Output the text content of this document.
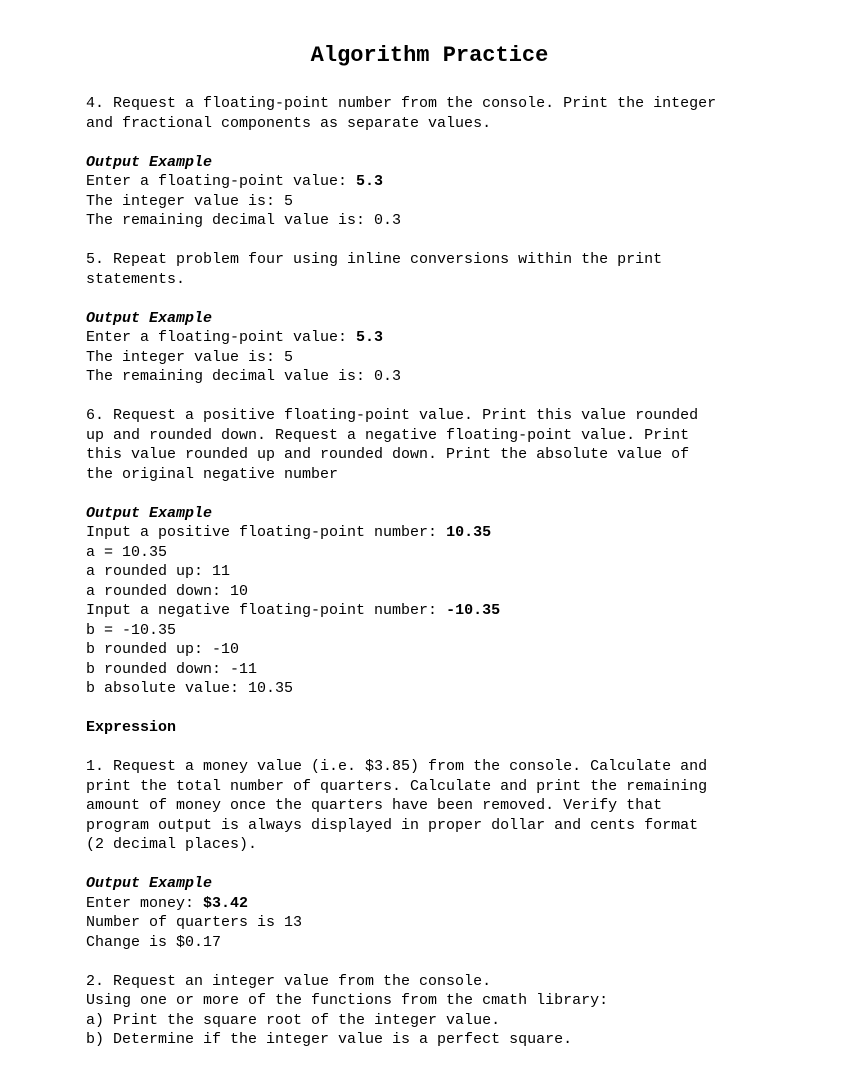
Algorithm Practice
4. Request a floating-point number from the console. Print the integer
and fractional components as separate values.
Output Example
Enter a floating-point value: 5.3
The integer value is: 5
The remaining decimal value is: 0.3
5. Repeat problem four using inline conversions within the print
statements.
Output Example
Enter a floating-point value: 5.3
The integer value is: 5
The remaining decimal value is: 0.3
6. Request a positive floating-point value. Print this value rounded
up and rounded down. Request a negative floating-point value. Print
this value rounded up and rounded down. Print the absolute value of
the original negative number
Output Example
Input a positive floating-point number: 10.35
a = 10.35
a rounded up: 11
a rounded down: 10
Input a negative floating-point number: -10.35
b = -10.35
b rounded up: -10
b rounded down: -11
b absolute value: 10.35
Expression
1. Request a money value (i.e. $3.85) from the console. Calculate and
print the total number of quarters. Calculate and print the remaining
amount of money once the quarters have been removed. Verify that
program output is always displayed in proper dollar and cents format
(2 decimal places).
Output Example
Enter money: $3.42
Number of quarters is 13
Change is $0.17
2. Request an integer value from the console.
Using one or more of the functions from the cmath library:
a) Print the square root of the integer value.
b) Determine if the integer value is a perfect square.
